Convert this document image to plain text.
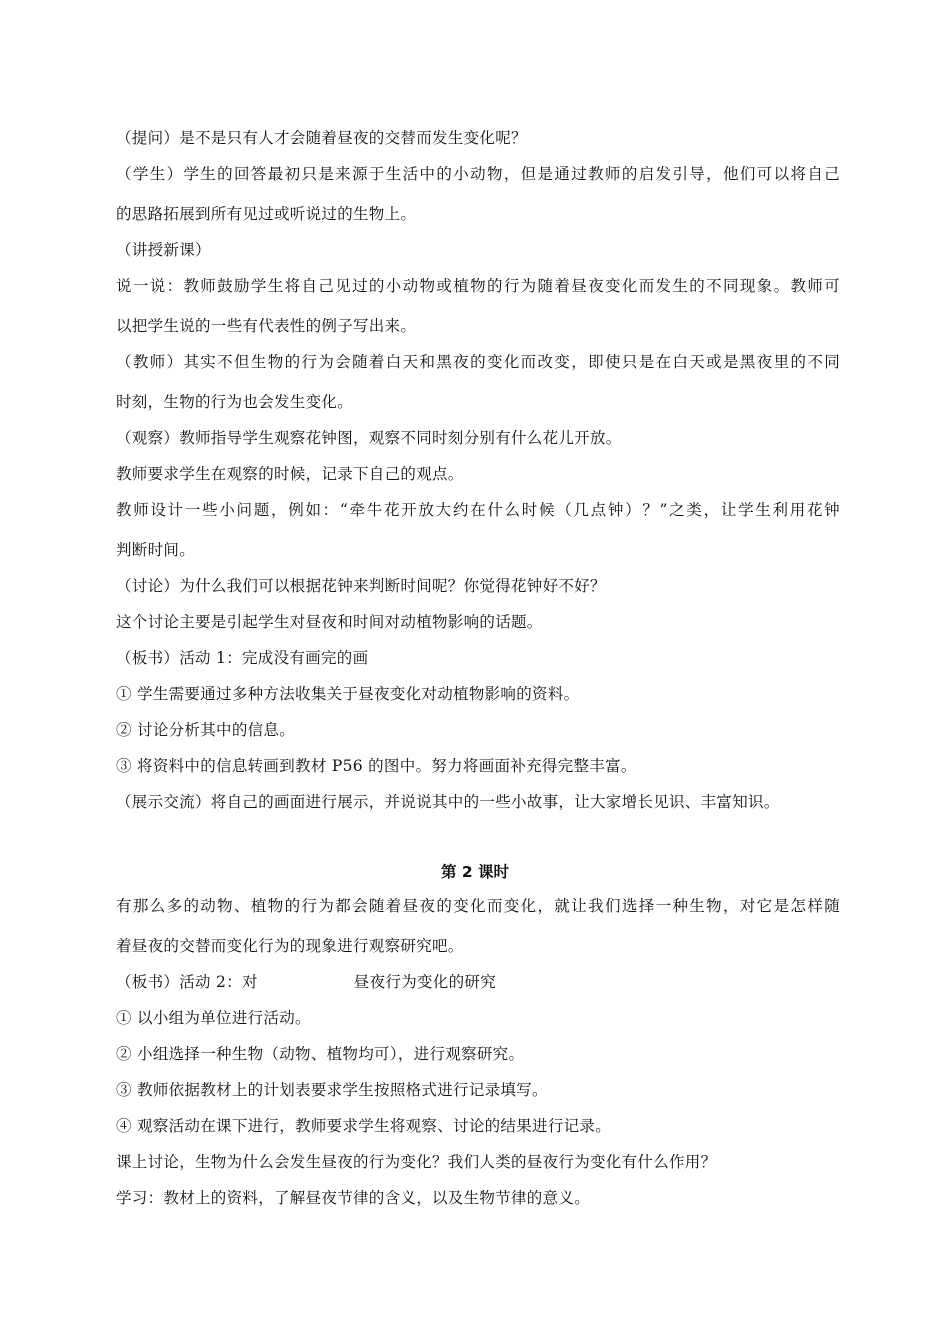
（提问）是不是只有人才会随着昼夜的交替而发生变化呢？
（学生）学生的回答最初只是来源于生活中的小动物，但是通过教师的启发引导，他们可以将自己
的思路拓展到所有见过或听说过的生物上。
（讲授新课）
说一说：教师鼓励学生将自己见过的小动物或植物的行为随着昼夜变化而发生的不同现象。教师可
以把学生说的一些有代表性的例子写出来。
（教师）其实不但生物的行为会随着白天和黑夜的变化而改变，即使只是在白天或是黑夜里的不同
时刻，生物的行为也会发生变化。
（观察）教师指导学生观察花钟图，观察不同时刻分别有什么花儿开放。
教师要求学生在观察的时候，记录下自己的观点。
教师设计一些小问题，例如：“牵牛花开放大约在什么时候（几点钟）？”之类，让学生利用花钟
判断时间。
（讨论）为什么我们可以根据花钟来判断时间呢？你觉得花钟好不好？
这个讨论主要是引起学生对昼夜和时间对动植物影响的话题。
（板书）活动 1：完成没有画完的画
① 学生需要通过多种方法收集关于昼夜变化对动植物影响的资料。
② 讨论分析其中的信息。
③ 将资料中的信息转画到教材 P56 的图中。努力将画面补充得完整丰富。
（展示交流）将自己的画面进行展示，并说说其中的一些小故事，让大家增长见识、丰富知识。
第 2 课时
有那么多的动物、植物的行为都会随着昼夜的变化而变化，就让我们选择一种生物，对它是怎样随
着昼夜的交替而变化行为的现象进行观察研究吧。
（板书）活动 2：对	昼夜行为变化的研究
① 以小组为单位进行活动。
② 小组选择一种生物（动物、植物均可），进行观察研究。
③ 教师依据教材上的计划表要求学生按照格式进行记录填写。
④ 观察活动在课下进行，教师要求学生将观察、讨论的结果进行记录。
课上讨论，生物为什么会发生昼夜的行为变化？我们人类的昼夜行为变化有什么作用？
学习：教材上的资料，了解昼夜节律的含义，以及生物节律的意义。
